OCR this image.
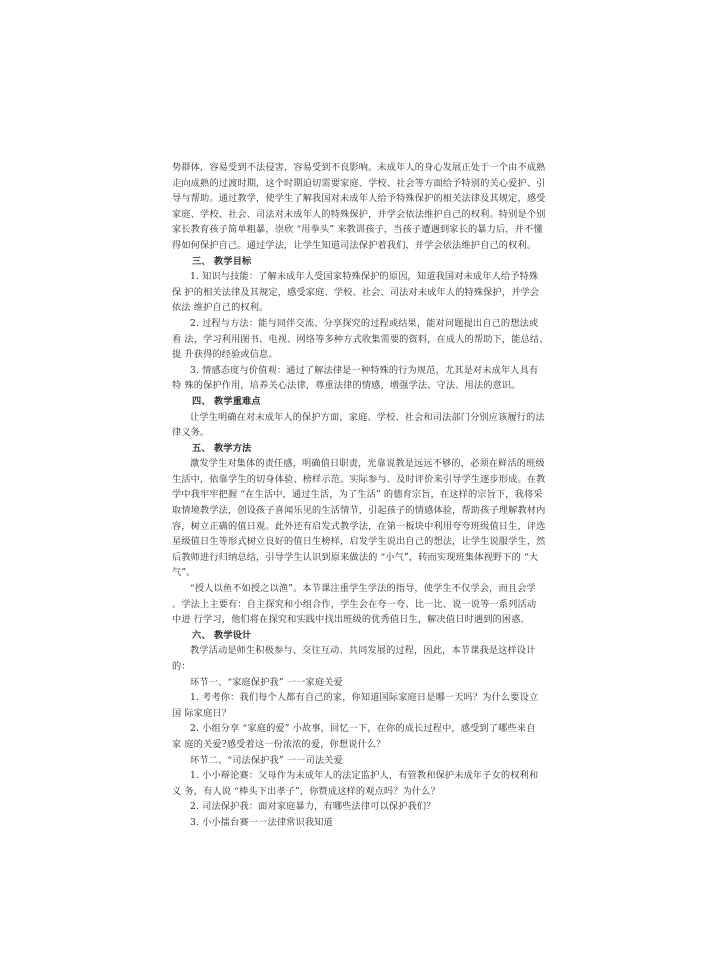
势群体，容易受到不法侵害，容易受到不良影响。未成年人的身心发展正处于一个由不成熟
走向成熟的过渡时期，这个时期迫切需要家庭、学校、社会等方面给予特别的关心爱护、引
导与帮助。通过教学，使学生了解我国对未成年人给予特殊保护的相关法律及其规定，感受
家庭、学校、社会、司法对未成年人的特殊保护，并学会依法维护自己的权利。特别是个别
家长教育孩子简单粗暴，崇欣 “用拳头” 来教训孩子，当孩子遭遇到家长的暴力后，并不懂
得如何保护自己。通过学法，让学生知道司法保护着我们，并学会依法维护自己的权利。
三、 教学目标
1. 知识与技能：了解未成年人受国家特殊保护的原因，知道我国对未成年人给予特殊
保 护的相关法律及其规定，感受家庭、学校、社会、司法对未成年人的特殊保护，并学会
依法 维护自己的权利。
2. 过程与方法：能与同伴交流、分享探究的过程或结果，能对问题提出自己的想法或
看 法，学习利用图书、电视、网络等多种方式收集需要的资料，在成人的帮助下，能总结、
提 升获得的经验或信息。
3. 情感态度与价值观：通过了解法律是一种特殊的行为规范，尤其是对未成年人具有
特 殊的保护作用，培养关心法律，尊重法律的情感，增强学法、守法、用法的意识。
四、 教学重难点
让学生明确在对未成年人的保护方面，家庭、学校、社会和司法部门分别应该履行的法
律义务。
五、 教学方法
激发学生对集体的责任感，明确值日职责，光靠说教是远远不够的，必须在鲜活的班级
生活中，依靠学生的切身体验、榜样示范、实际参与、及时评价来引导学生逐步形成。在教
学中我牢牢把握 “在生活中，通过生活，为了生活” 的德育宗旨，在这样的宗旨下，我将采
取情境教学法，创设孩子喜闻乐见的生活情节，引起孩子的情感体验，帮助孩子理解教材内
容，树立正确的值日观。此外还有启发式教学法，在第一板块中利用夸夸班级值日生，评选
星级值日生等形式树立良好的值日生榜样，启发学生说出自己的想法，让学生说服学生，然
后教师进行归纳总结，引导学生认识到原来做法的 “小气”，转而实现班集体视野下的 “大
气”。
“授人以鱼不如授之以渔”。本节课注重学生学法的指导，使学生不仅学会，而且会学
。学法上主要有：自主探究和小组合作，学生会在夸一夸、比一比、说一说等一系列活动
中进 行学习，他们将在探究和实践中找出班级的优秀值日生，解决值日时遇到的困惑。
六、 教学设计
教学活动是师生积极参与、交往互动、共同发展的过程，因此，本节课我是这样设计
的：
环节一、“家庭保护我” 一一家庭关爱
1. 考考你：我们每个人都有自己的家，你知道国际家庭日是哪一天吗？为什么要设立
国 际家庭日？
2. 小组分享 “家庭的爱” 小故事，回忆一下，在你的成长过程中，感受到了哪些来自
家 庭的关爱?感受着这一份浓浓的爱，你想说什么？
环节二、“司法保护我” 一一司法关爱
1. 小小辩论赛：父母作为未成年人的法定监护人，有管教和保护未成年子女的权利和
义 务，有人说 “棒头下出孝子”，你赞成这样的观点吗？为什么？
2. 司法保护我：面对家庭暴力，有哪些法律可以保护我们？
3. 小小擂台赛一一法律常识我知道
